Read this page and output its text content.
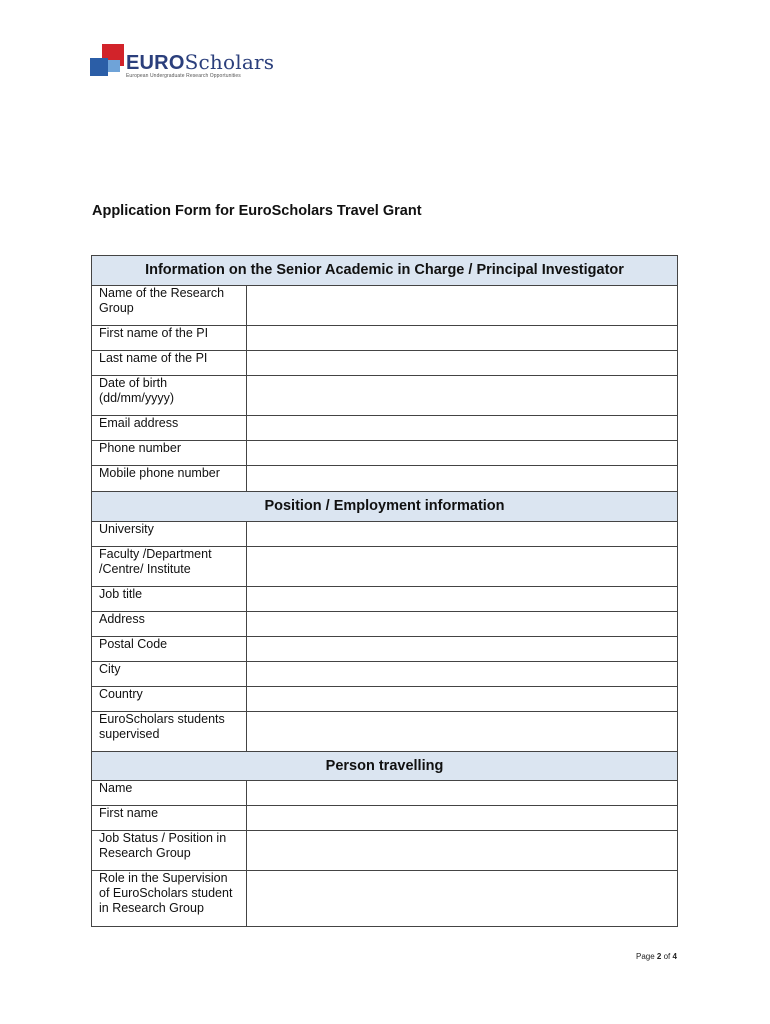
EUROScholars
European Undergraduate Research Opportunities
Application Form for EuroScholars Travel Grant
Information on the Senior Academic in Charge / Principal Investigator	
Name of the Research Group	
First name of the PI	
Last name of the PI	
Date of birth (dd/mm/yyyy)	
Email address	
Phone number	
Mobile phone number	
Position / Employment information	
University	
Faculty /Department /Centre/ Institute	
Job title	
Address	
Postal Code	
City	
Country	
EuroScholars students supervised	
Person travelling	
Name	
First name	
Job Status / Position in Research Group	
Role in the Supervision of EuroScholars student in Research Group	
Page 2 of 4
